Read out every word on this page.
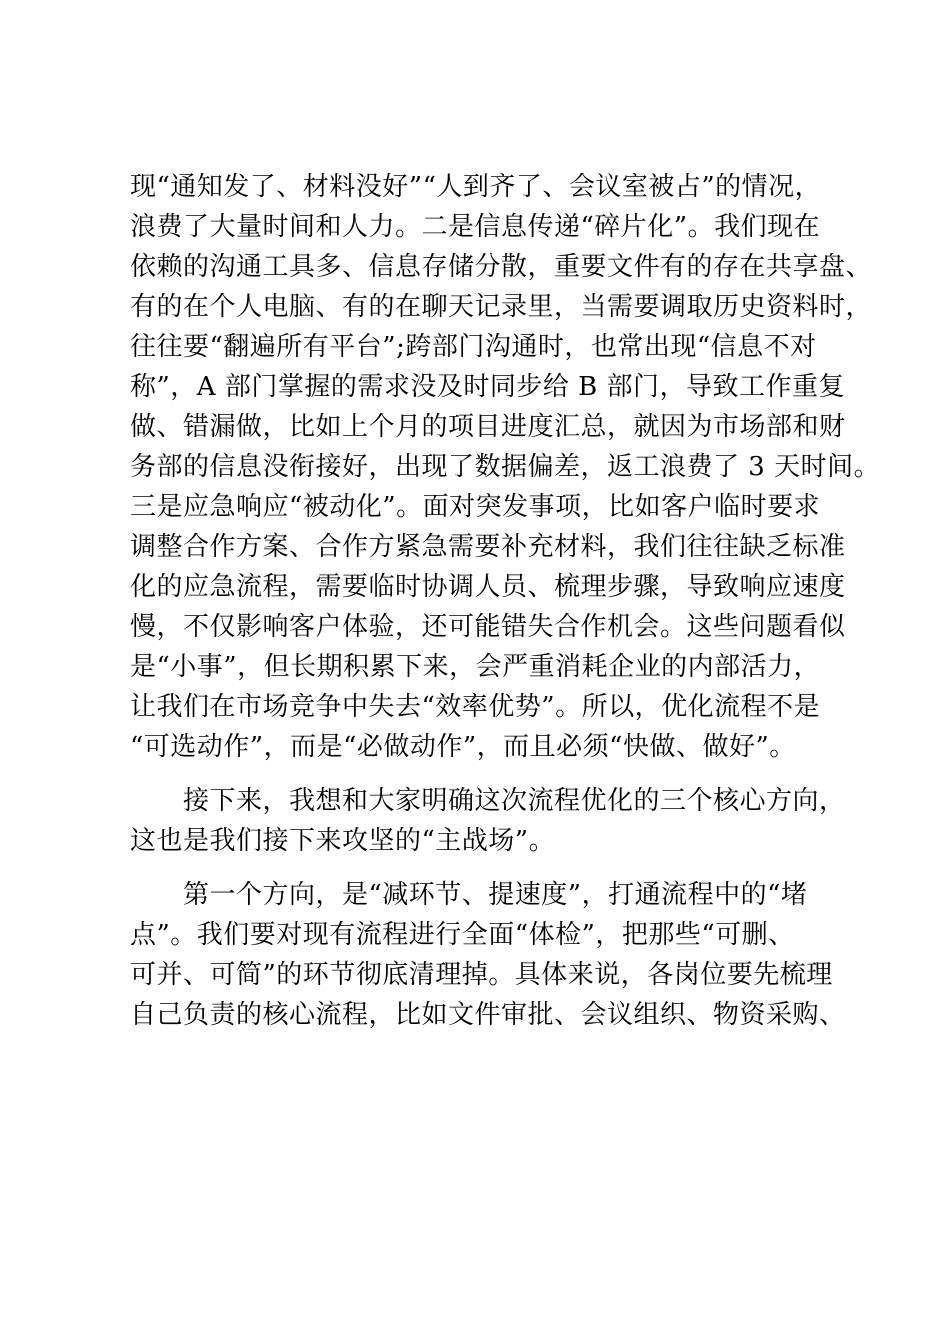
现“通知发了、材料没好”“人到齐了、会议室被占”的情况，
浪费了大量时间和人力。二是信息传递“碎片化”。我们现在
依赖的沟通工具多、信息存储分散，重要文件有的存在共享盘、
有的在个人电脑、有的在聊天记录里，当需要调取历史资料时，
往往要“翻遍所有平台”;跨部门沟通时，也常出现“信息不对
称”，A 部门掌握的需求没及时同步给 B 部门，导致工作重复
做、错漏做，比如上个月的项目进度汇总，就因为市场部和财
务部的信息没衔接好，出现了数据偏差，返工浪费了 3 天时间。
三是应急响应“被动化”。面对突发事项，比如客户临时要求
调整合作方案、合作方紧急需要补充材料，我们往往缺乏标准
化的应急流程，需要临时协调人员、梳理步骤，导致响应速度
慢，不仅影响客户体验，还可能错失合作机会。这些问题看似
是“小事”，但长期积累下来，会严重消耗企业的内部活力，
让我们在市场竞争中失去“效率优势”。所以，优化流程不是
“可选动作”，而是“必做动作”，而且必须“快做、做好”。
　　接下来，我想和大家明确这次流程优化的三个核心方向，
这也是我们接下来攻坚的“主战场”。
　　第一个方向，是“减环节、提速度”，打通流程中的“堵
点”。我们要对现有流程进行全面“体检”，把那些“可删、
可并、可简”的环节彻底清理掉。具体来说，各岗位要先梳理
自己负责的核心流程，比如文件审批、会议组织、物资采购、
